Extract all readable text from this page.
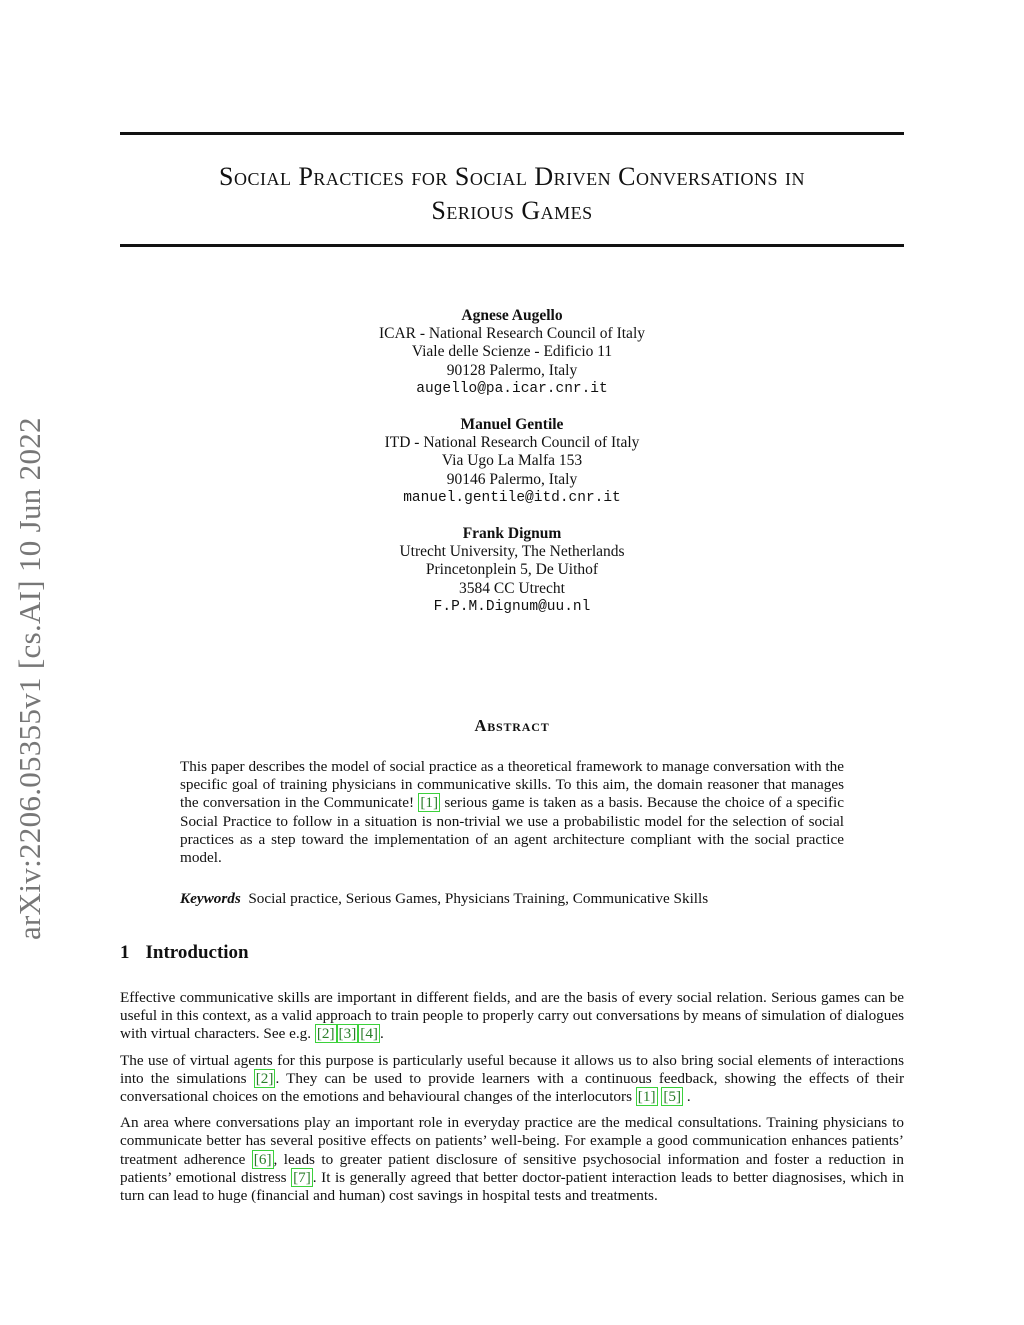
arXiv:2206.05355v1 [cs.AI] 10 Jun 2022
Social Practices for Social Driven Conversations in
Serious Games
Agnese Augello
ICAR - National Research Council of Italy
Viale delle Scienze - Edificio 11
90128 Palermo, Italy
augello@pa.icar.cnr.it
Manuel Gentile
ITD - National Research Council of Italy
Via Ugo La Malfa 153
90146 Palermo, Italy
manuel.gentile@itd.cnr.it
Frank Dignum
Utrecht University, The Netherlands
Princetonplein 5, De Uithof
3584 CC Utrecht
F.P.M.Dignum@uu.nl
Abstract
This paper describes the model of social practice as a theoretical framework to manage conversation with the specific goal of training physicians in communicative skills. To this aim, the domain reasoner that manages the conversation in the Communicate! [1] serious game is taken as a basis. Because the choice of a specific Social Practice to follow in a situation is non-trivial we use a probabilistic model for the selection of social practices as a step toward the implementation of an agent architecture compliant with the social practice model.
Keywords Social practice, Serious Games, Physicians Training, Communicative Skills
1 Introduction

Effective communicative skills are important in different fields, and are the basis of every social relation. Serious games can be useful in this context, as a valid approach to train people to properly carry out conversations by means of simulation of dialogues with virtual characters. See e.g. [2] [3] [4] .

The use of virtual agents for this purpose is particularly useful because it allows us to also bring social elements of interactions into the simulations [2] . They can be used to provide learners with a continuous feedback, showing the effects of their conversational choices on the emotions and behavioural changes of the interlocutors [1] [5] .

An area where conversations play an important role in everyday practice are the medical consultations. Training physicians to communicate better has several positive effects on patients’ well-being. For example a good communication enhances patients’ treatment adherence [6] , leads to greater patient disclosure of sensitive psychosocial information and foster a reduction in patients’ emotional distress [7] . It is generally agreed that better doctor-patient interaction leads to better diagnosises, which in turn can lead to huge (financial and human) cost savings in hospital tests and treatments.
